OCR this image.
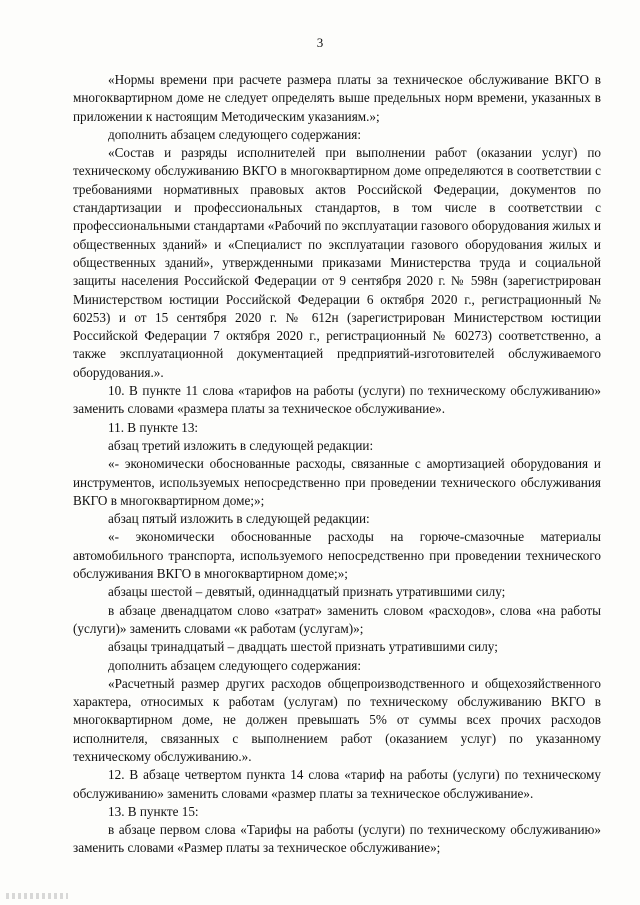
3

«Нормы времени при расчете размера платы за техническое обслуживание ВКГО в многоквартирном доме не следует определять выше предельных норм времени, указанных в приложении к настоящим Методическим указаниям.»;

дополнить абзацем следующего содержания:

«Состав и разряды исполнителей при выполнении работ (оказании услуг) по техническому обслуживанию ВКГО в многоквартирном доме определяются в соответствии с требованиями нормативных правовых актов Российской Федерации, документов по стандартизации и профессиональных стандартов, в том числе в соответствии с профессиональными стандартами «Рабочий по эксплуатации газового оборудования жилых и общественных зданий» и «Специалист по эксплуатации газового оборудования жилых и общественных зданий», утвержденными приказами Министерства труда и социальной защиты населения Российской Федерации от 9 сентября 2020 г. № 598н (зарегистрирован Министерством юстиции Российской Федерации 6 октября 2020 г., регистрационный № 60253) и от 15 сентября 2020 г. № 612н (зарегистрирован Министерством юстиции Российской Федерации 7 октября 2020 г., регистрационный № 60273) соответственно, а также эксплуатационной документацией предприятий-изготовителей обслуживаемого оборудования.».

10. В пункте 11 слова «тарифов на работы (услуги) по техническому обслуживанию» заменить словами «размера платы за техническое обслуживание».

11. В пункте 13:

абзац третий изложить в следующей редакции:

«- экономически обоснованные расходы, связанные с амортизацией оборудования и инструментов, используемых непосредственно при проведении технического обслуживания ВКГО в многоквартирном доме;»;

абзац пятый изложить в следующей редакции:

«- экономически обоснованные расходы на горюче-смазочные материалы автомобильного транспорта, используемого непосредственно при проведении технического обслуживания ВКГО в многоквартирном доме;»;

абзацы шестой – девятый, одиннадцатый признать утратившими силу;

в абзаце двенадцатом слово «затрат» заменить словом «расходов», слова «на работы (услуги)» заменить словами «к работам (услугам)»;

абзацы тринадцатый – двадцать шестой признать утратившими силу;

дополнить абзацем следующего содержания:

«Расчетный размер других расходов общепроизводственного и общехозяйственного характера, относимых к работам (услугам) по техническому обслуживанию ВКГО в многоквартирном доме, не должен превышать 5% от суммы всех прочих расходов исполнителя, связанных с выполнением работ (оказанием услуг) по указанному техническому обслуживанию.».

12. В абзаце четвертом пункта 14 слова «тариф на работы (услуги) по техническому обслуживанию» заменить словами «размер платы за техническое обслуживание».

13. В пункте 15:

в абзаце первом слова «Тарифы на работы (услуги) по техническому обслуживанию» заменить словами «Размер платы за техническое обслуживание»;
